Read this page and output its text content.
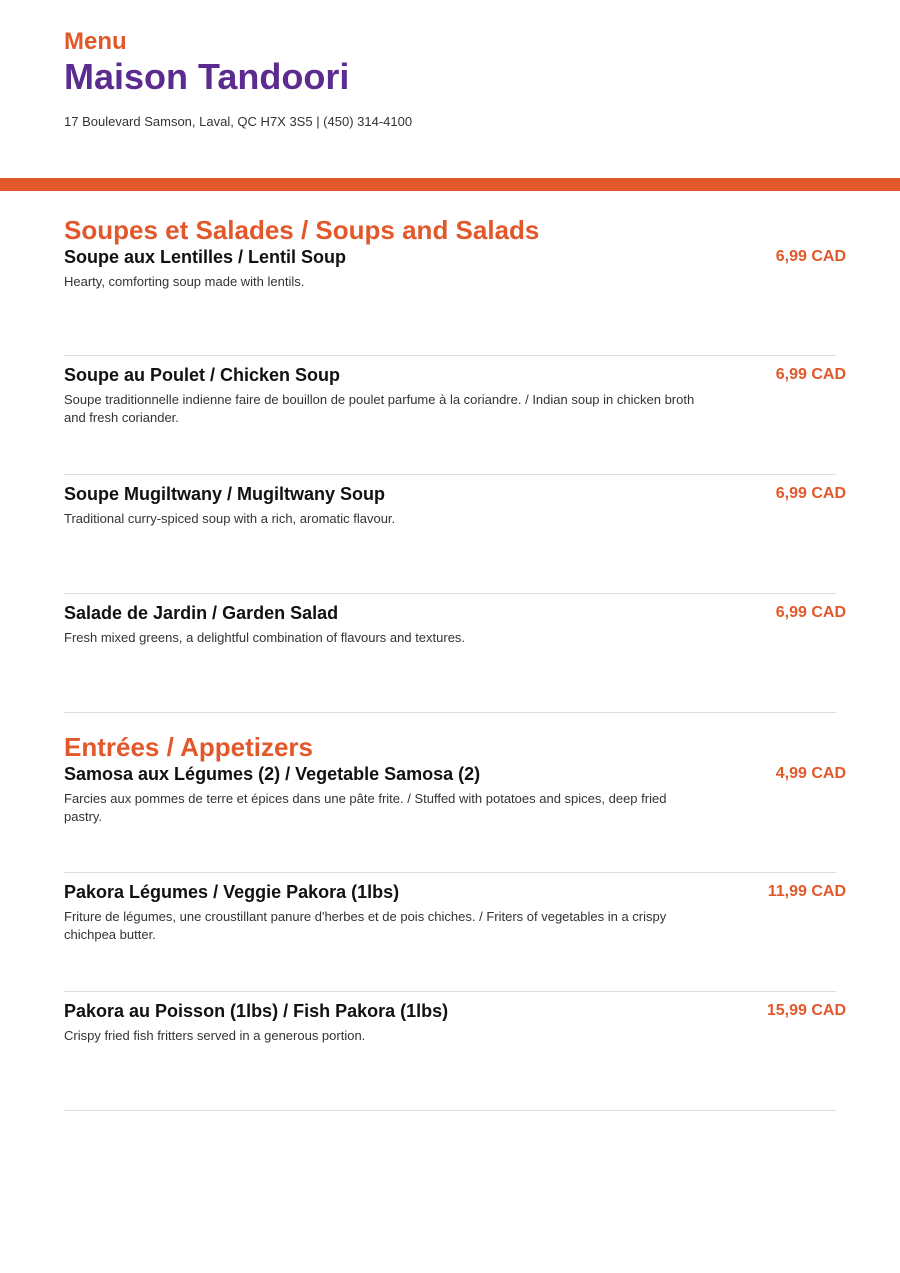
Menu
Maison Tandoori
17 Boulevard Samson, Laval, QC H7X 3S5 | (450) 314-4100
Soupes et Salades / Soups and Salads
Soupe aux Lentilles / Lentil Soup
Hearty, comforting soup made with lentils.
6,99 CAD
Soupe au Poulet / Chicken Soup
Soupe traditionnelle indienne faire de bouillon de poulet parfume à la coriandre. / Indian soup in chicken broth and fresh coriander.
6,99 CAD
Soupe Mugiltwany / Mugiltwany Soup
Traditional curry-spiced soup with a rich, aromatic flavour.
6,99 CAD
Salade de Jardin / Garden Salad
Fresh mixed greens, a delightful combination of flavours and textures.
6,99 CAD
Entrées / Appetizers
Samosa aux Légumes (2) / Vegetable Samosa (2)
Farcies aux pommes de terre et épices dans une pâte frite. / Stuffed with potatoes and spices, deep fried pastry.
4,99 CAD
Pakora Légumes / Veggie Pakora (1lbs)
Friture de légumes, une croustillant panure d'herbes et de pois chiches. / Friters of vegetables in a crispy chichpea butter.
11,99 CAD
Pakora au Poisson (1lbs) / Fish Pakora (1lbs)
Crispy fried fish fritters served in a generous portion.
15,99 CAD
